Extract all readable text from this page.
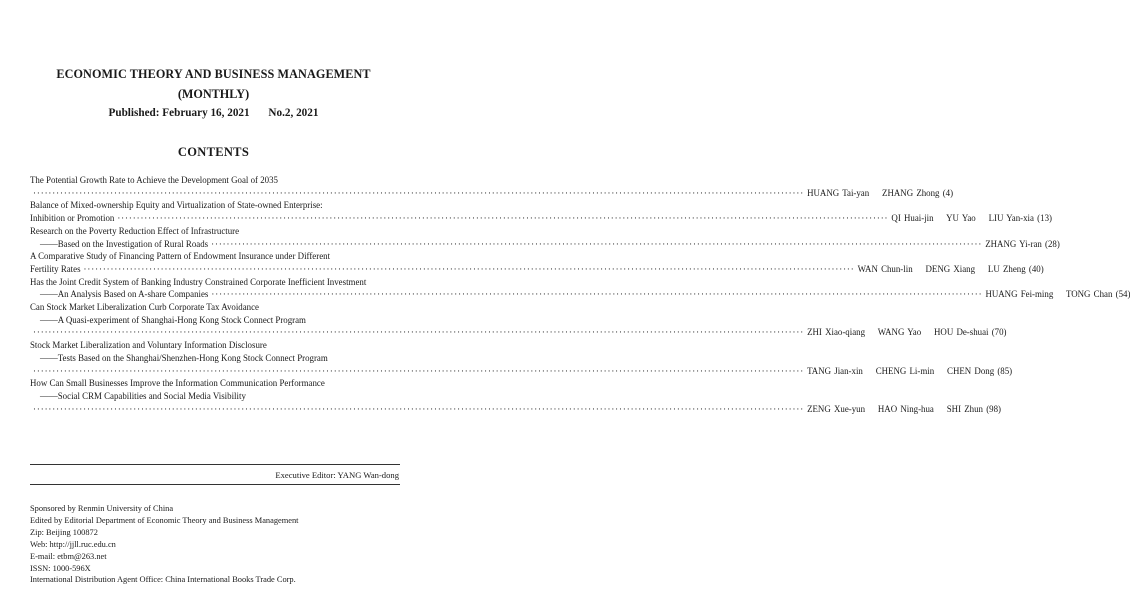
ECONOMIC THEORY AND BUSINESS MANAGEMENT
(MONTHLY)
Published: February 16, 2021 No.2, 2021
CONTENTS
The Potential Growth Rate to Achieve the Development Goal of 2035
········································································································································································································ HUANG Tai-yan    ZHANG Zhong (4)
Balance of Mixed-ownership Equity and Virtualization of State-owned Enterprise:
Inhibition or Promotion ········································································································································································································ QI Huai-jin    YU Yao    LIU Yan-xia (13)
Research on the Poverty Reduction Effect of Infrastructure
——Based on the Investigation of Rural Roads ········································································································································································································ ZHANG Yi-ran (28)
A Comparative Study of Financing Pattern of Endowment Insurance under Different
Fertility Rates ········································································································································································································ WAN Chun-lin    DENG Xiang    LU Zheng (40)
Has the Joint Credit System of Banking Industry Constrained Corporate Inefficient Investment
——An Analysis Based on A-share Companies ········································································································································································································ HUANG Fei-ming    TONG Chan (54)
Can Stock Market Liberalization Curb Corporate Tax Avoidance
——A Quasi-experiment of Shanghai-Hong Kong Stock Connect Program
········································································································································································································ ZHI Xiao-qiang    WANG Yao    HOU De-shuai (70)
Stock Market Liberalization and Voluntary Information Disclosure
——Tests Based on the Shanghai/Shenzhen-Hong Kong Stock Connect Program
········································································································································································································ TANG Jian-xin    CHENG Li-min    CHEN Dong (85)
How Can Small Businesses Improve the Information Communication Performance
——Social CRM Capabilities and Social Media Visibility
········································································································································································································ ZENG Xue-yun    HAO Ning-hua    SHI Zhun (98)
Executive Editor: YANG Wan-dong
Sponsored by Renmin University of China
Edited by Editorial Department of Economic Theory and Business Management
Zip: Beijing 100872
Web: http://jjll.ruc.edu.cn
E-mail: etbm@263.net
ISSN: 1000-596X
International Distribution Agent Office: China International Books Trade Corp.
